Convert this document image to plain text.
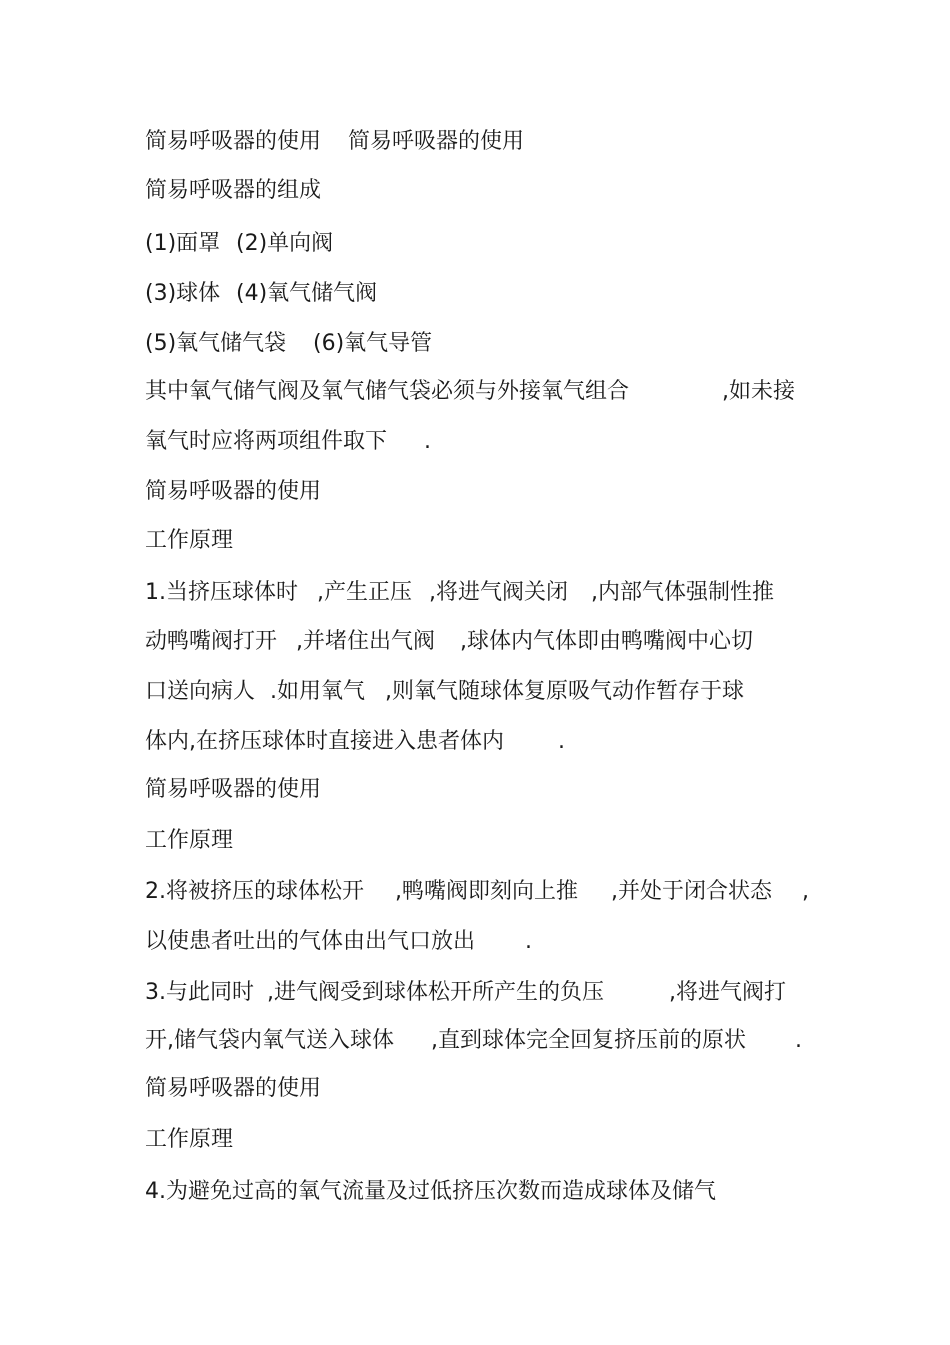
简易呼吸器的使用

简易呼吸器的使用

简易呼吸器的组成

(1)面罩

(2)单向阀

(3)球体

(4)氧气储气阀

(5)氧气储气袋

(6)氧气导管

其中氧气储气阀及氧气储气袋必须与外接氧气组合

	,如未接

氧气时应将两项组件取下

.

简易呼吸器的使用

工作原理

1.当挤压球体时

,产生正压

,将进气阀关闭

,内部气体强制性推

动鸭嘴阀打开

,并堵住出气阀

,球体内气体即由鸭嘴阀中心切

口送向病人

.如用氧气

,则氧气随球体复原吸气动作暂存于球

体内,在挤压球体时直接进入患者体内

.

简易呼吸器的使用

工作原理

2.将被挤压的球体松开

,鸭嘴阀即刻向上推

,并处于闭合状态

,

以使患者吐出的气体由出气口放出

.

3.与此同时

,进气阀受到球体松开所产生的负压

	,将进气阀打

开,储气袋内氧气送入球体

,直到球体完全回复挤压前的原状

.

简易呼吸器的使用

工作原理

4.为避免过高的氧气流量及过低挤压次数而造成球体及储气
